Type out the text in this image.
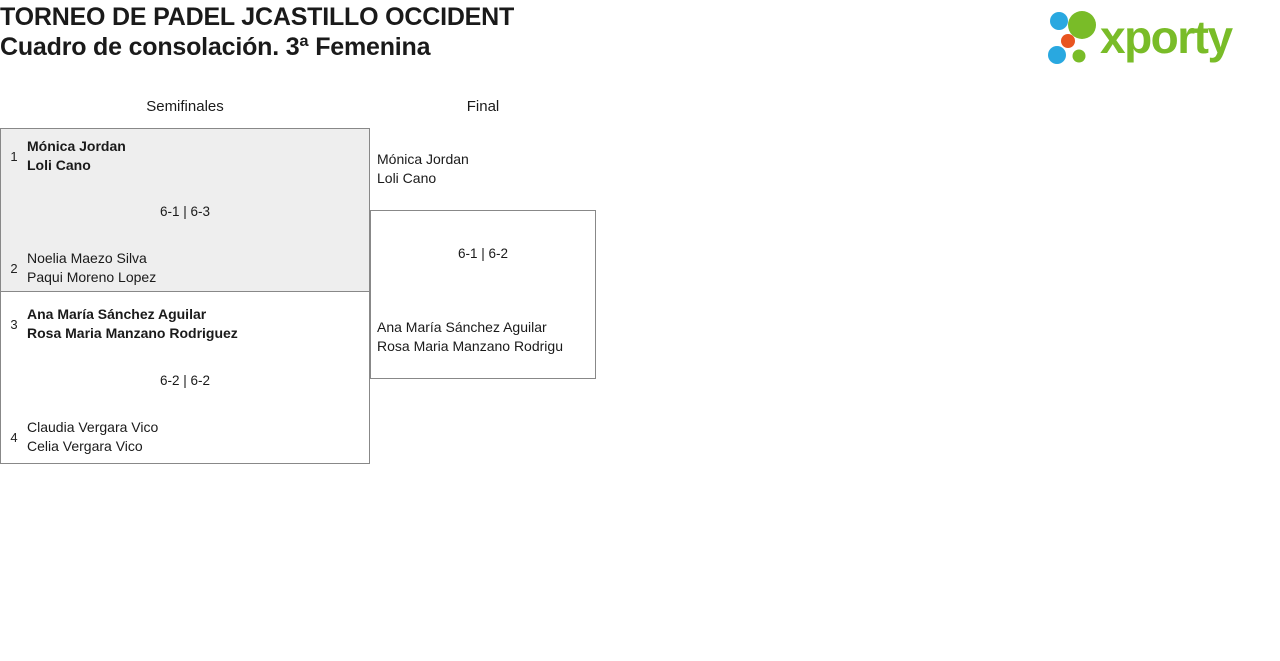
TORNEO DE PADEL JCASTILLO OCCIDENT
Cuadro de consolación. 3ª Femenina	xporty
Semifinales	Final
1
Mónica Jordan
Loli Cano
6-1 | 6-3
2
Noelia Maezo Silva
Paqui Moreno Lopez
3
Ana María Sánchez Aguilar
Rosa Maria Manzano Rodriguez
6-2 | 6-2
4
Claudia Vergara Vico
Celia Vergara Vico
Mónica Jordan
Loli Cano
6-1 | 6-2
Ana María Sánchez Aguilar
Rosa Maria Manzano Rodrigu
